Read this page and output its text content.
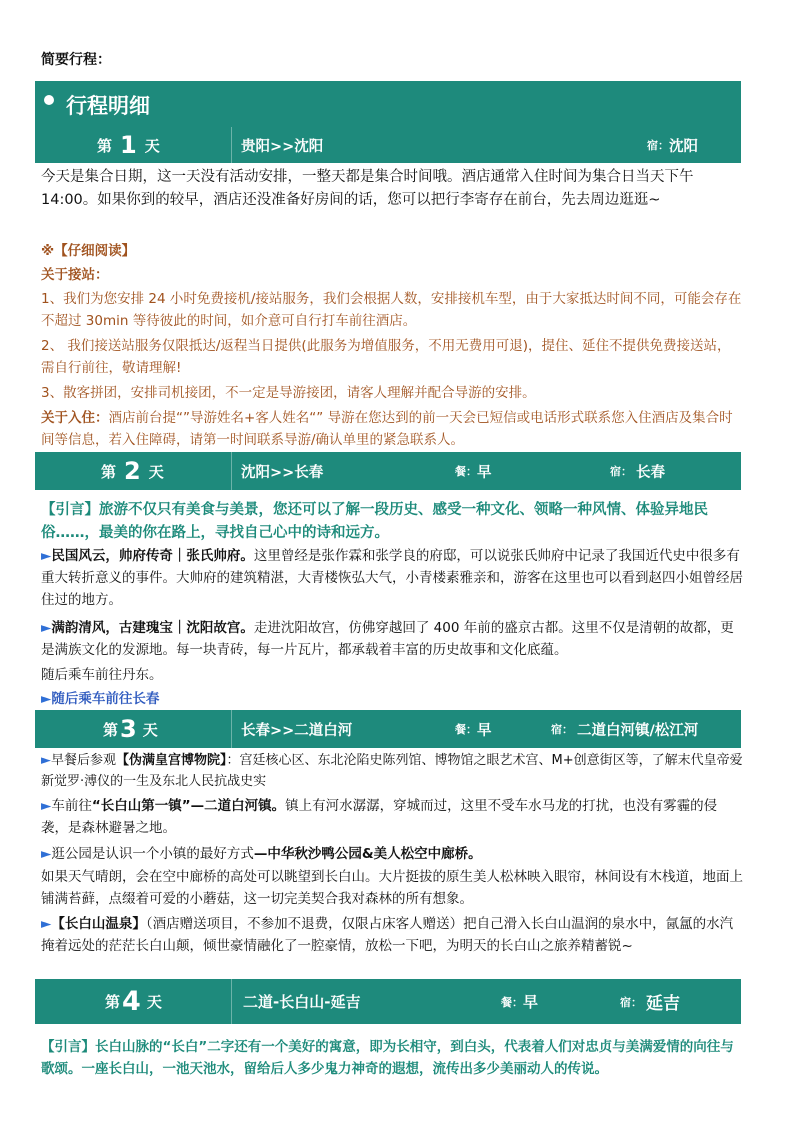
简要行程：
行程明细
第 1 天	贵阳>>沈阳	宿： 沈阳
今天是集合日期，这一天没有活动安排，一整天都是集合时间哦。酒店通常入住时间为集合日当天下午 14:00。如果你到的较早，酒店还没准备好房间的话，您可以把行李寄存在前台，先去周边逛逛~
※【仔细阅读】
关于接站：
1、我们为您安排 24 小时免费接机/接站服务，我们会根据人数，安排接机车型，由于大家抵达时间不同，可能会存在不超过 30min 等待彼此的时间，如介意可自行打车前往酒店。
2、 我们接送站服务仅限抵达/返程当日提供(此服务为增值服务，不用无费用可退)，提住、延住不提供免费接送站，需自行前往，敬请理解!
3、散客拼团，安排司机接团，不一定是导游接团，请客人理解并配合导游的安排。
关于入住：酒店前台提“”导游姓名+客人姓名“” 导游在您达到的前一天会已短信或电话形式联系您入住酒店及集合时间等信息，若入住障碍，请第一时间联系导游/确认单里的紧急联系人。
第 2 天	沈阳>>长春	餐： 早	宿： 长春
【引言】旅游不仅只有美食与美景，您还可以了解一段历史、感受一种文化、领略一种风情、体验异地民俗……，最美的你在路上，寻找自己心中的诗和远方。
►民国风云，帅府传奇｜张氏帅府。这里曾经是张作霖和张学良的府邸，可以说张氏帅府中记录了我国近代史中很多有重大转折意义的事件。大帅府的建筑精湛，大青楼恢弘大气，小青楼素雅亲和，游客在这里也可以看到赵四小姐曾经居住过的地方。
►满韵清风，古建瑰宝｜沈阳故宫。走进沈阳故宫，仿佛穿越回了 400 年前的盛京古都。这里不仅是清朝的故都，更是满族文化的发源地。每一块青砖，每一片瓦片，都承载着丰富的历史故事和文化底蕴。
随后乘车前往丹东。
►随后乘车前往长春
第 3 天	长春>>二道白河	餐： 早	宿： 二道白河镇/松江河
►早餐后参观【伪满皇宫博物院】：宫廷核心区、东北沦陷史陈列馆、博物馆之眼艺术宫、M+创意街区等，了解末代皇帝爱新觉罗·溥仪的一生及东北人民抗战史实
►车前往“长白山第一镇”—二道白河镇。镇上有河水潺潺，穿城而过，这里不受车水马龙的打扰，也没有雾霾的侵袭，是森林避暑之地。
►逛公园是认识一个小镇的最好方式—中华秋沙鸭公园&美人松空中廊桥。
如果天气晴朗，会在空中廊桥的高处可以眺望到长白山。大片挺拔的原生美人松林映入眼帘，林间设有木栈道，地面上铺满苔藓，点缀着可爱的小蘑菇，这一切完美契合我对森林的所有想象。
►【长白山温泉】（酒店赠送项目，不参加不退费，仅限占床客人赠送）把自己滑入长白山温润的泉水中，氤氲的水汽掩着远处的茫茫长白山颠，倾世豪情融化了一腔豪情，放松一下吧，为明天的长白山之旅养精蓄锐~
第 4 天	二道-长白山-延吉	餐： 早	宿： 延吉
【引言】长白山脉的“长白”二字还有一个美好的寓意，即为长相守，到白头，代表着人们对忠贞与美满爱情的向往与歌颂。一座长白山，一池天池水，留给后人多少鬼力神奇的遐想，流传出多少美丽动人的传说。
